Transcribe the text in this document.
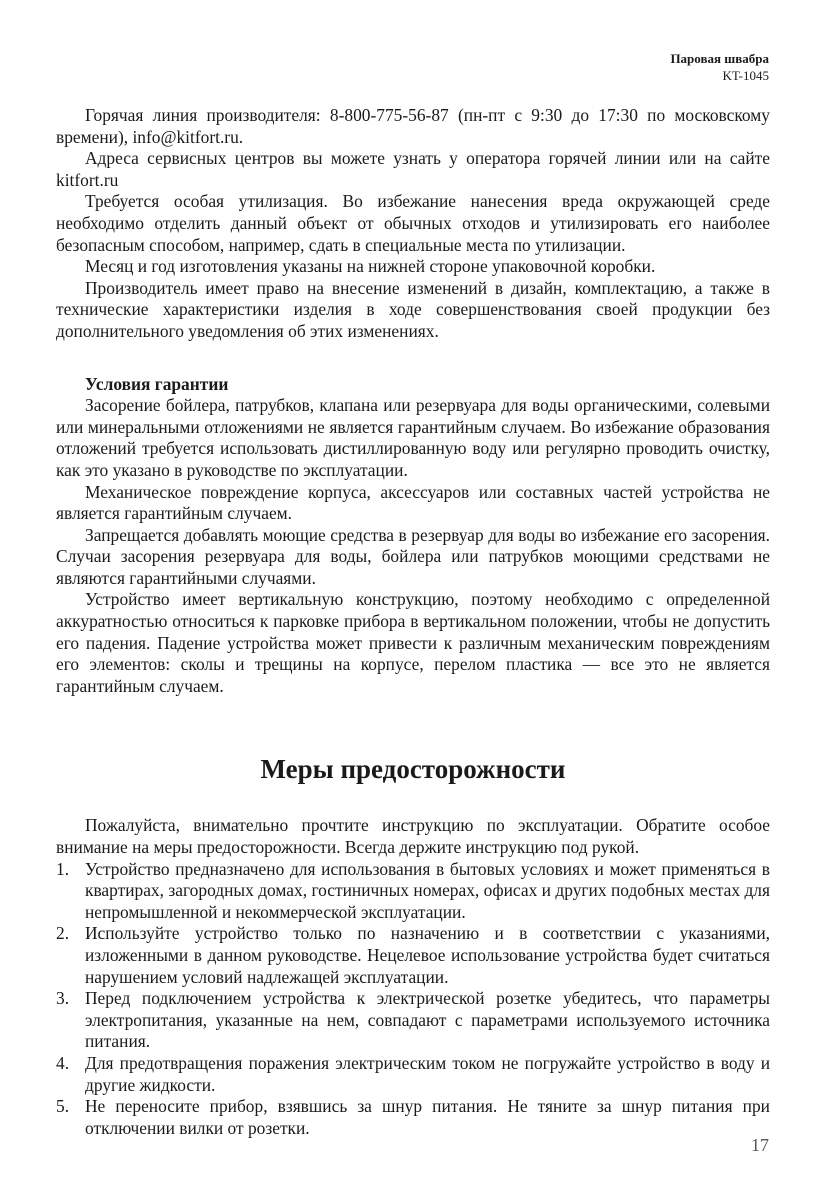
Паровая швабра
KT-1045

Горячая линия производителя: 8-800-775-56-87 (пн-пт с 9:30 до 17:30 по московскому времени), info@kitfort.ru.

Адреса сервисных центров вы можете узнать у оператора горячей линии или на сайте kitfort.ru

Требуется особая утилизация. Во избежание нанесения вреда окружающей среде необходимо отделить данный объект от обычных отходов и утилизировать его наиболее безопасным способом, например, сдать в специальные места по утилизации.

Месяц и год изготовления указаны на нижней стороне упаковочной коробки.

Производитель имеет право на внесение изменений в дизайн, комплектацию, а также в технические характеристики изделия в ходе совершенствования своей продукции без дополнительного уведомления об этих изменениях.

Условия гарантии

Засорение бойлера, патрубков, клапана или резервуара для воды органическими, солевыми или минеральными отложениями не является гарантийным случаем. Во избежание образования отложений требуется использовать дистиллированную воду или регулярно проводить очистку, как это указано в руководстве по эксплуатации.

Механическое повреждение корпуса, аксессуаров или составных частей устройства не является гарантийным случаем.

Запрещается добавлять моющие средства в резервуар для воды во избежание его засорения. Случаи засорения резервуара для воды, бойлера или патрубков моющими средствами не являются гарантийными случаями.

Устройство имеет вертикальную конструкцию, поэтому необходимо с определенной аккуратностью относиться к парковке прибора в вертикальном положении, чтобы не допустить его падения. Падение устройства может привести к различным механическим повреждениям его элементов: сколы и трещины на корпусе, перелом пластика — все это не является гарантийным случаем.

Меры предосторожности

Пожалуйста, внимательно прочтите инструкцию по эксплуатации. Обратите особое внимание на меры предосторожности. Всегда держите инструкцию под рукой.

1. Устройство предназначено для использования в бытовых условиях и может применяться в квартирах, загородных домах, гостиничных номерах, офисах и других подобных местах для непромышленной и некоммерческой эксплуатации.
2. Используйте устройство только по назначению и в соответствии с указаниями, изложенными в данном руководстве. Нецелевое использование устройства будет считаться нарушением условий надлежащей эксплуатации.
3. Перед подключением устройства к электрической розетке убедитесь, что параметры электропитания, указанные на нем, совпадают с параметрами используемого источника питания.
4. Для предотвращения поражения электрическим током не погружайте устройство в воду и другие жидкости.
5. Не переносите прибор, взявшись за шнур питания. Не тяните за шнур питания при отключении вилки от розетки.
17
